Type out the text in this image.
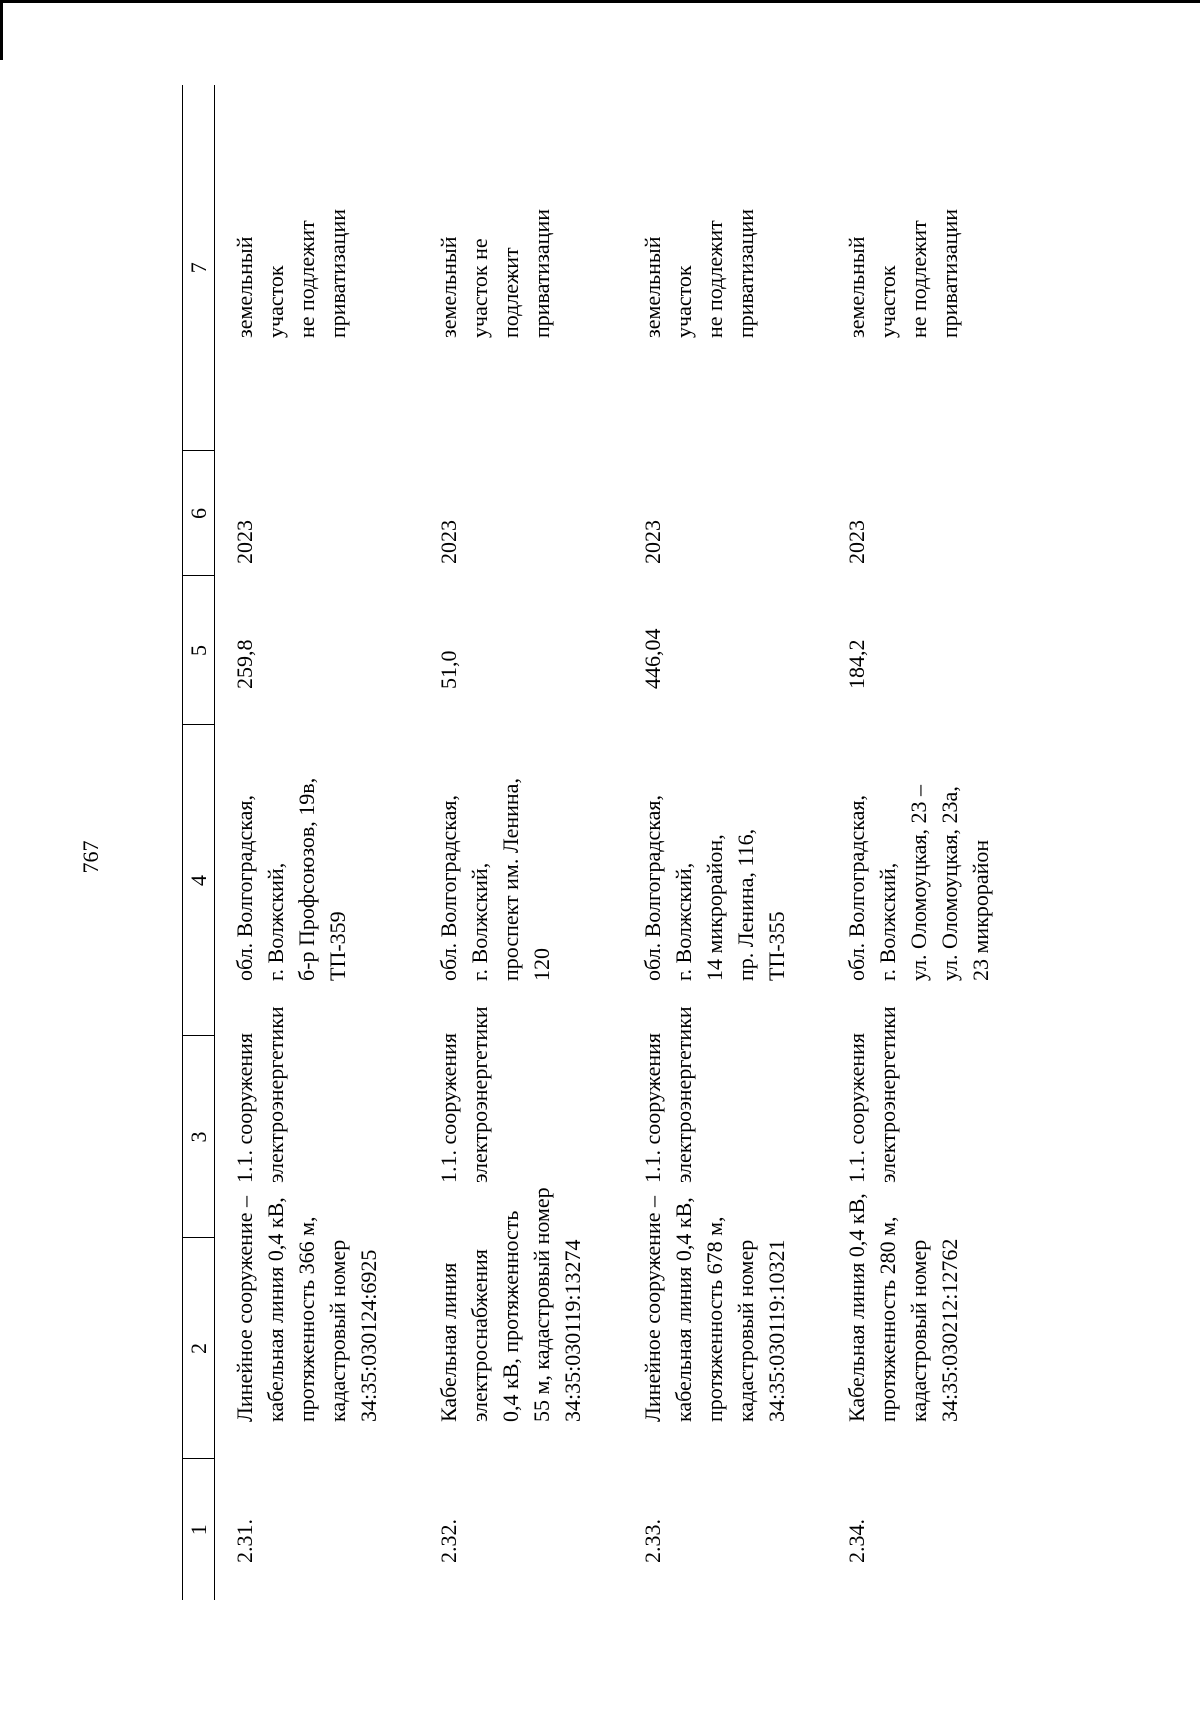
767
1	2	3	4	5	6	7
2.31.	Линейное сооружение – кабельная линия 0,4 кВ, протяженность 366 м, кадастровый номер 34:35:030124:6925	1.1. сооружения электроэнергетики	обл. Волгоградская, г. Волжский, б-р Профсоюзов, 19в, ТП-359	259,8	2023	земельный участок не подлежит приватизации

2.32.	Кабельная линия электроснабжения 0,4 кВ, протяженность 55 м, кадастровый номер 34:35:030119:13274	1.1. сооружения электроэнергетики	обл. Волгоградская, г. Волжский, проспект им. Ленина, 120	51,0	2023	земельный участок не подлежит приватизации

2.33.	Линейное сооружение – кабельная линия 0,4 кВ, протяженность 678 м, кадастровый номер 34:35:030119:10321	1.1. сооружения электроэнергетики	обл. Волгоградская, г. Волжский, 14 микрорайон, пр. Ленина, 116, ТП-355	446,04	2023	земельный участок не подлежит приватизации

2.34.	Кабельная линия 0,4 кВ, протяженность 280 м, кадастровый номер 34:35:030212:12762	1.1. сооружения электроэнергетики	обл. Волгоградская, г. Волжский, ул. Оломоуцкая, 23 – ул. Оломоуцкая, 23а, 23 микрорайон	184,2	2023	земельный участок не подлежит приватизации
